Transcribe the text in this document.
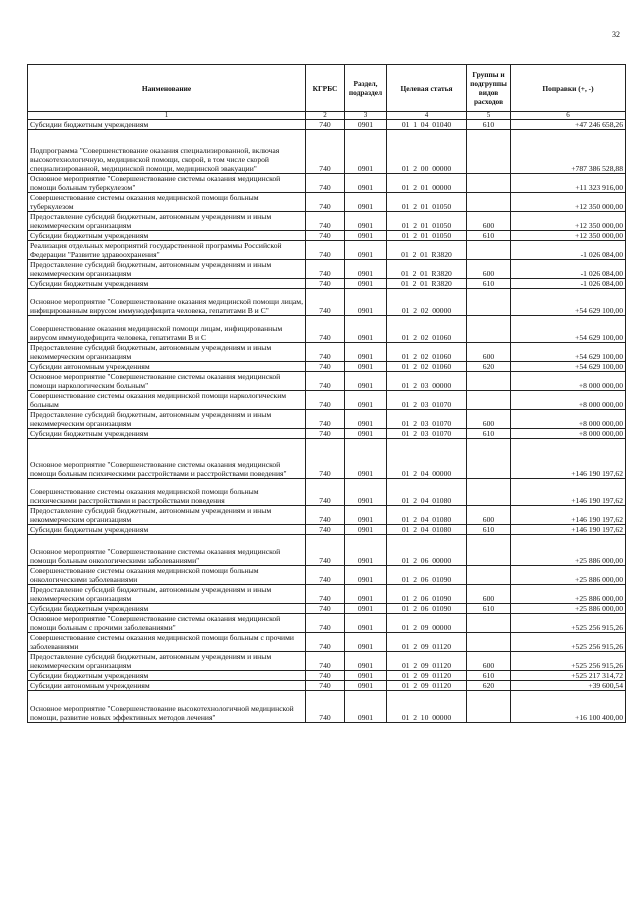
32
Наименование	КГРБС	Раздел, подраздел	Целевая статья	Группы и подгруппы видов расходов	Поправки (+, -)
1	2	3	4	5	6
Субсидии бюджетным учреждениям	740	0901	01  1  04  01040	610	+47 246 658,26
Подпрограмма "Совершенствование оказания специализированной, включая высокотехнологичную, медицинской помощи, скорой, в том числе скорой специализированной, медицинской помощи, медицинской эвакуации"	740	0901	01  2  00  00000		+787 386 528,88
Основное мероприятие "Совершенствование системы оказания медицинской помощи больным туберкулезом"	740	0901	01  2  01  00000		+11 323 916,00
Совершенствование системы оказания медицинской помощи больным туберкулезом	740	0901	01  2  01  01050		+12 350 000,00
Предоставление субсидий бюджетным, автономным учреждениям и иным некоммерческим организациям	740	0901	01  2  01  01050	600	+12 350 000,00
Субсидии бюджетным учреждениям	740	0901	01  2  01  01050	610	+12 350 000,00
Реализация отдельных мероприятий государственной программы Российской Федерации "Развитие здравоохранения"	740	0901	01  2  01  R3820		-1 026 084,00
Предоставление субсидий бюджетным, автономным учреждениям и иным некоммерческим организациям	740	0901	01  2  01  R3820	600	-1 026 084,00
Субсидии бюджетным учреждениям	740	0901	01  2  01  R3820	610	-1 026 084,00
Основное мероприятие "Совершенствование оказания медицинской помощи лицам, инфицированным вирусом иммунодефицита человека, гепатитами В и С"	740	0901	01  2  02  00000		+54 629 100,00
Совершенствование оказания медицинской помощи лицам, инфицированным вирусом иммунодефицита человека, гепатитами В и С	740	0901	01  2  02  01060		+54 629 100,00
Предоставление субсидий бюджетным, автономным учреждениям и иным некоммерческим организациям	740	0901	01  2  02  01060	600	+54 629 100,00
Субсидии автономным учреждениям	740	0901	01  2  02  01060	620	+54 629 100,00
Основное мероприятие "Совершенствование системы оказания медицинской помощи наркологическим больным"	740	0901	01  2  03  00000		+8 000 000,00
Совершенствование системы оказания медицинской помощи наркологическим больным	740	0901	01  2  03  01070		+8 000 000,00
Предоставление субсидий бюджетным, автономным учреждениям и иным некоммерческим организациям	740	0901	01  2  03  01070	600	+8 000 000,00
Субсидии бюджетным учреждениям	740	0901	01  2  03  01070	610	+8 000 000,00
Основное мероприятие "Совершенствование системы оказания медицинской помощи больным психическими расстройствами и расстройствами поведения"	740	0901	01  2  04  00000		+146 190 197,62
Совершенствование системы оказания медицинской помощи больным психическими расстройствами и расстройствами поведения	740	0901	01  2  04  01080		+146 190 197,62
Предоставление субсидий бюджетным, автономным учреждениям и иным некоммерческим организациям	740	0901	01  2  04  01080	600	+146 190 197,62
Субсидии бюджетным учреждениям	740	0901	01  2  04  01080	610	+146 190 197,62
Основное мероприятие "Совершенствование системы оказания медицинской помощи больным онкологическими заболеваниями"	740	0901	01  2  06  00000		+25 886 000,00
Совершенствование системы оказания медицинской помощи больным онкологическими заболеваниями	740	0901	01  2  06  01090		+25 886 000,00
Предоставление субсидий бюджетным, автономным учреждениям и иным некоммерческим организациям	740	0901	01  2  06  01090	600	+25 886 000,00
Субсидии бюджетным учреждениям	740	0901	01  2  06  01090	610	+25 886 000,00
Основное мероприятие "Совершенствование системы оказания медицинской помощи больным с прочими заболеваниями"	740	0901	01  2  09  00000		+525 256 915,26
Совершенствование системы оказания медицинской помощи больным с прочими заболеваниями	740	0901	01  2  09  01120		+525 256 915,26
Предоставление субсидий бюджетным, автономным учреждениям и иным некоммерческим организациям	740	0901	01  2  09  01120	600	+525 256 915,26
Субсидии бюджетным учреждениям	740	0901	01  2  09  01120	610	+525 217 314,72
Субсидии автономным учреждениям	740	0901	01  2  09  01120	620	+39 600,54
Основное мероприятие "Совершенствование высокотехнологичной медицинской помощи, развитие новых эффективных методов лечения"	740	0901	01  2  10  00000		+16 100 400,00
